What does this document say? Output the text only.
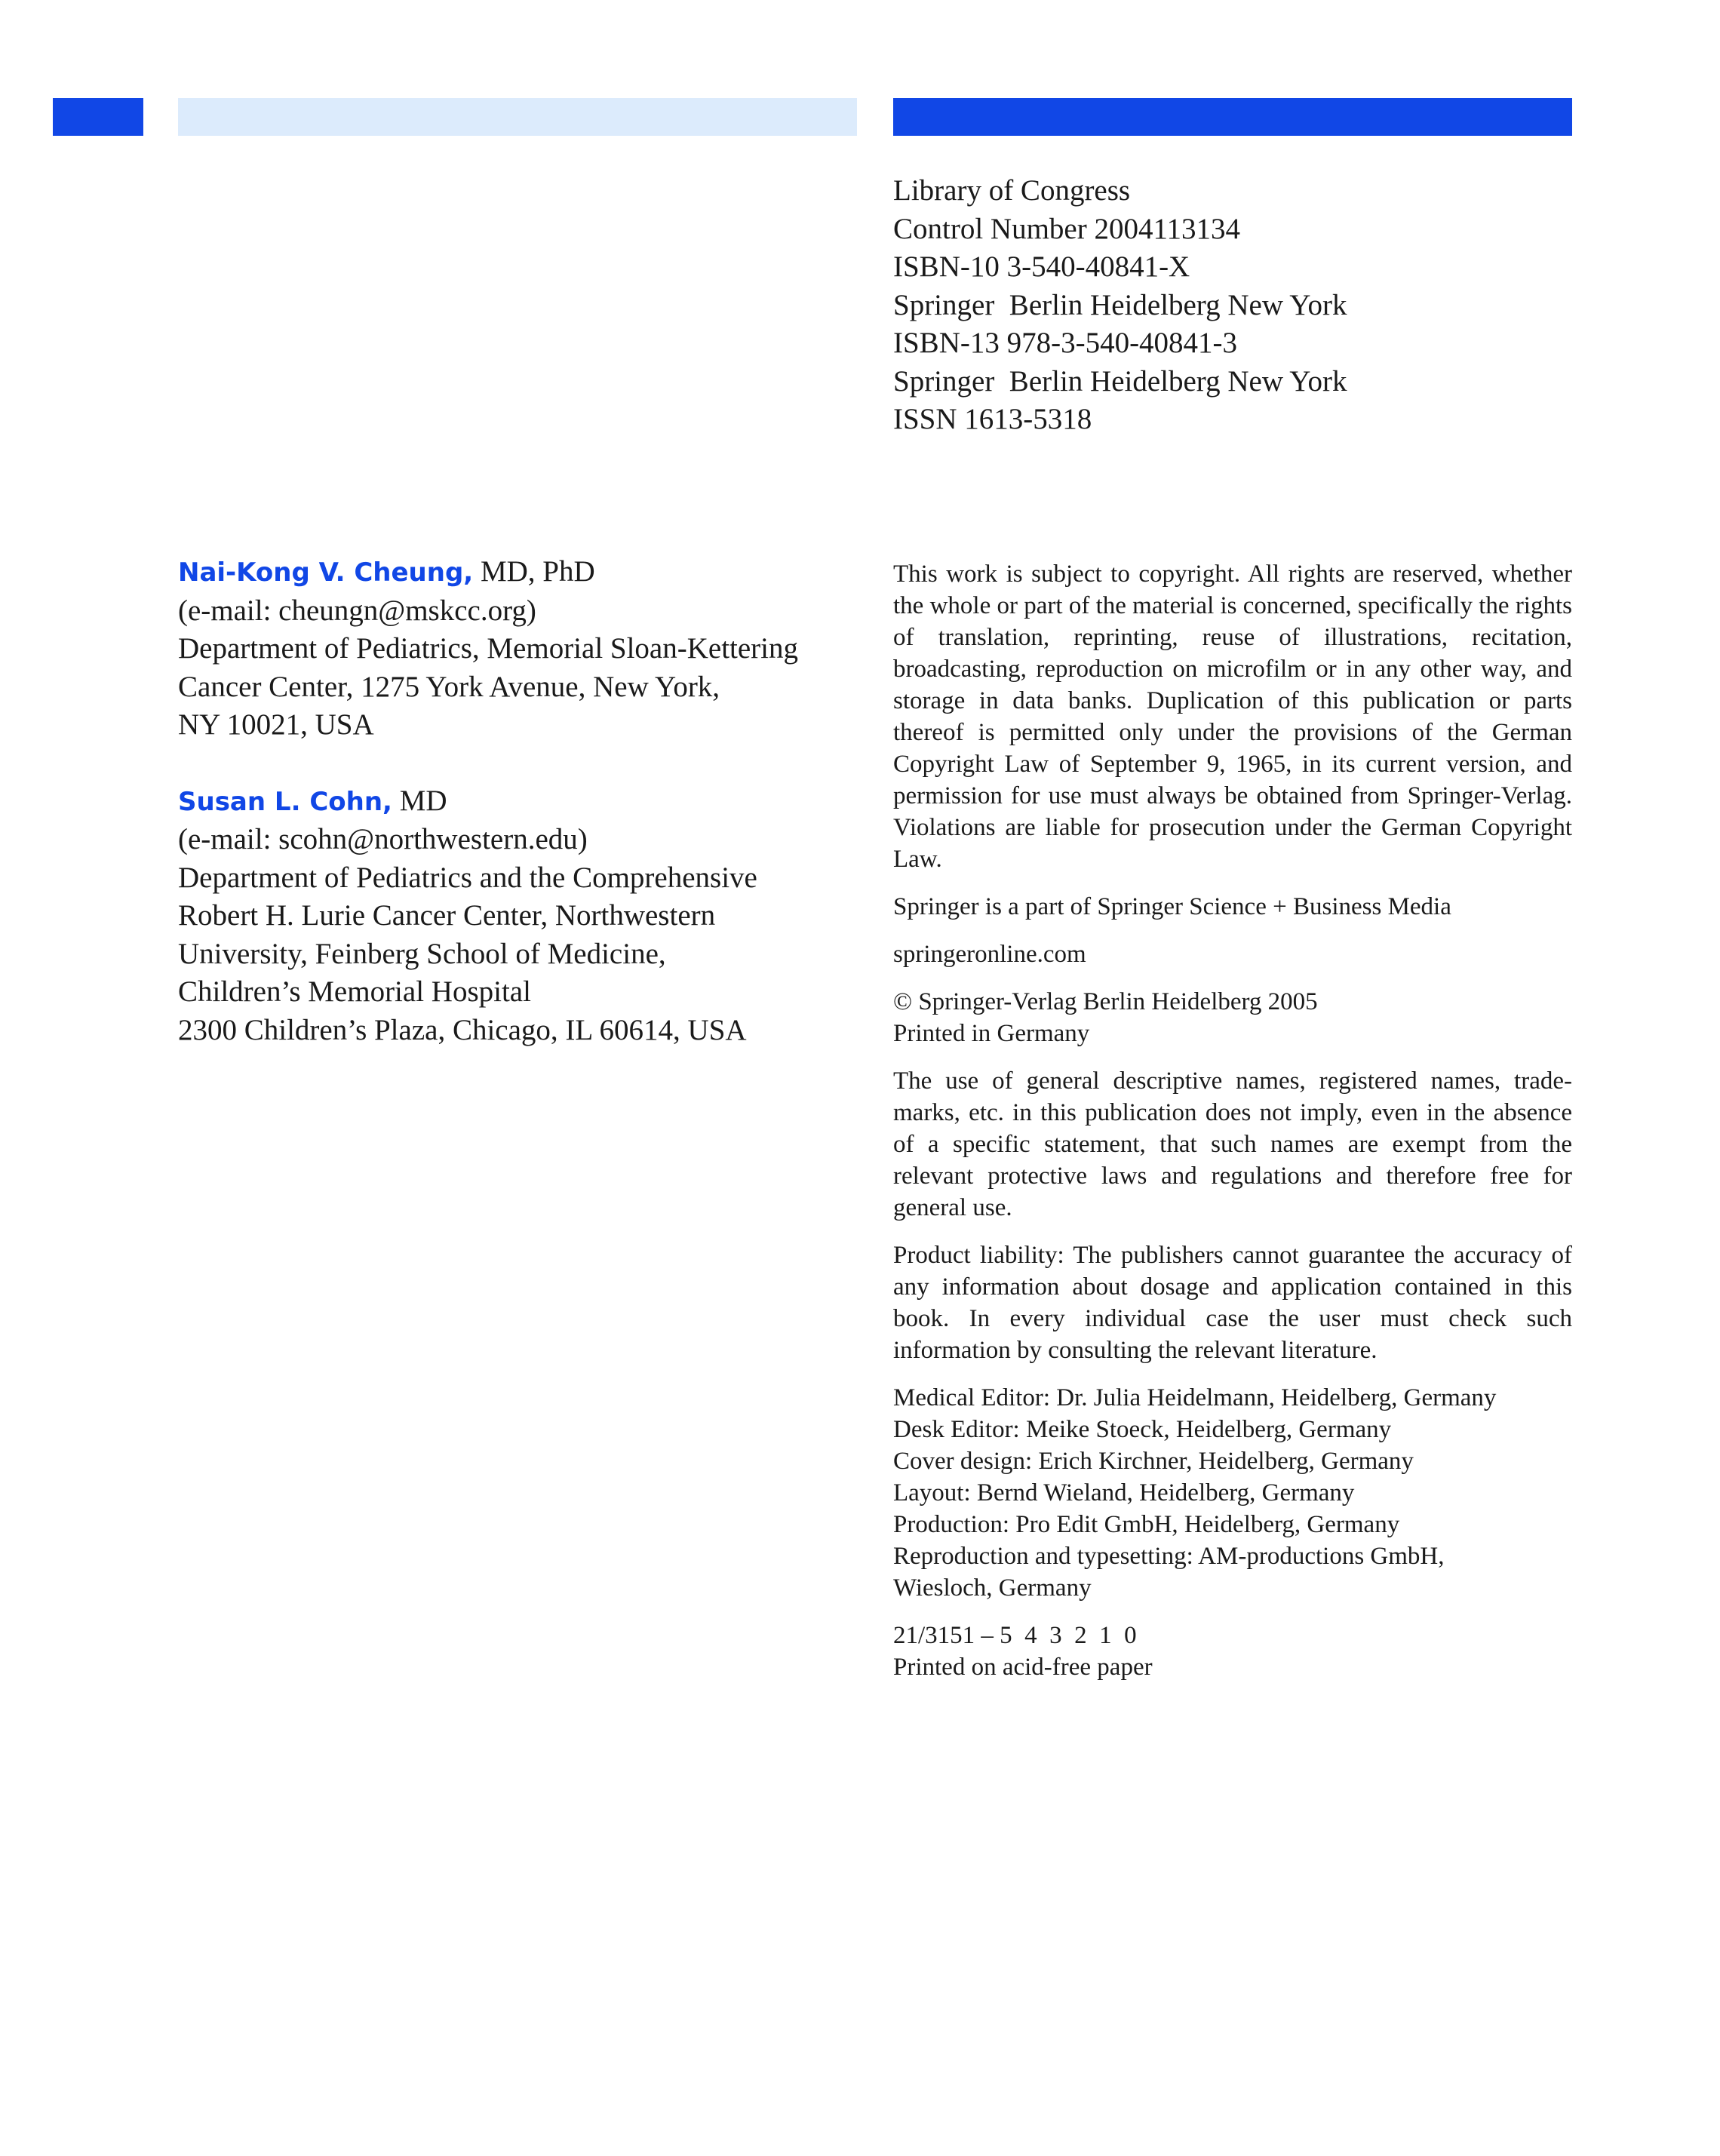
Library of Congress
Control Number 2004113134
ISBN-10 3-540-40841-X
Springer  Berlin Heidelberg New York
ISBN-13 978-3-540-40841-3
Springer  Berlin Heidelberg New York
ISSN 1613-5318
Nai-Kong V. Cheung, MD, PhD
(e-mail: cheungn@mskcc.org)
Department of Pediatrics, Memorial Sloan-Kettering
Cancer Center, 1275 York Avenue, New York,
NY 10021, USA
Susan L. Cohn, MD
(e-mail: scohn@northwestern.edu)
Department of Pediatrics and the Comprehensive
Robert H. Lurie Cancer Center, Northwestern
University, Feinberg School of Medicine,
Children’s Memorial Hospital
2300 Children’s Plaza, Chicago, IL 60614, USA

This work is subject to copyright. All rights are reserved, whether the whole or part of the material is concerned, specifically the rights of translation, reprinting, reuse of illustrations, recitation, broadcasting, reproduction on microfilm or in any other way, and storage in data banks. Duplication of this publication or parts thereof is permitted only under the provisions of the German Copyright Law of September 9, 1965, in its current version, and permission for use must always be obtained from Springer-Verlag. Violations are liable for prosecution under the German Copyright Law.

Springer is a part of Springer Science + Business Media

springeronline.com

© Springer-Verlag Berlin Heidelberg 2005
Printed in Germany

The use of general descriptive names, registered names, trademarks, etc. in this publication does not imply, even in the absence of a specific statement, that such names are exempt from the relevant protective laws and regulations and therefore free for general use.

Product liability: The publishers cannot guarantee the accuracy of any information about dosage and application contained in this book. In every individual case the user must check such information by consulting the relevant literature.

Medical Editor: Dr. Julia Heidelmann, Heidelberg, Germany
Desk Editor: Meike Stoeck, Heidelberg, Germany
Cover design: Erich Kirchner, Heidelberg, Germany
Layout: Bernd Wieland, Heidelberg, Germany
Production: Pro Edit GmbH, Heidelberg, Germany
Reproduction and typesetting: AM-productions GmbH,
Wiesloch, Germany

21/3151 – 5  4  3  2  1  0
Printed on acid-free paper
